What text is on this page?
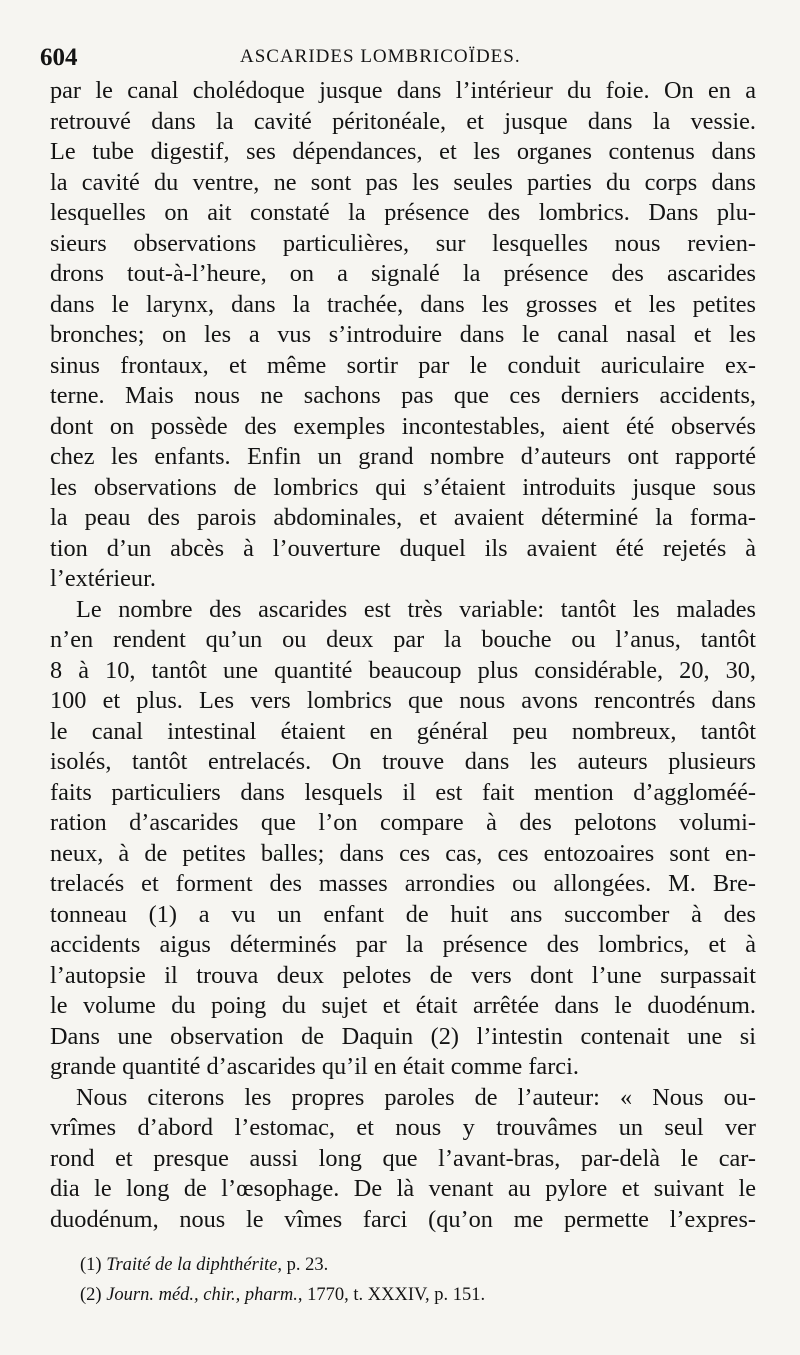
604	ASCARIDES LOMBRICOÏDES.
par le canal cholédoque jusque dans l’intérieur du foie. On en a
retrouvé dans la cavité péritonéale, et jusque dans la vessie.
Le tube digestif, ses dépendances, et les organes contenus dans
la cavité du ventre, ne sont pas les seules parties du corps dans
lesquelles on ait constaté la présence des lombrics. Dans plu-
sieurs observations particulières, sur lesquelles nous revien-
drons tout-à-l’heure, on a signalé la présence des ascarides
dans le larynx, dans la trachée, dans les grosses et les petites
bronches; on les a vus s’introduire dans le canal nasal et les
sinus frontaux, et même sortir par le conduit auriculaire ex-
terne. Mais nous ne sachons pas que ces derniers accidents,
dont on possède des exemples incontestables, aient été observés
chez les enfants. Enfin un grand nombre d’auteurs ont rapporté
les observations de lombrics qui s’étaient introduits jusque sous
la peau des parois abdominales, et avaient déterminé la forma-
tion d’un abcès à l’ouverture duquel ils avaient été rejetés à
l’extérieur.
Le nombre des ascarides est très variable: tantôt les malades
n’en rendent qu’un ou deux par la bouche ou l’anus, tantôt
8 à 10, tantôt une quantité beaucoup plus considérable, 20, 30,
100 et plus. Les vers lombrics que nous avons rencontrés dans
le canal intestinal étaient en général peu nombreux, tantôt
isolés, tantôt entrelacés. On trouve dans les auteurs plusieurs
faits particuliers dans lesquels il est fait mention d’aggloméé-
ration d’ascarides que l’on compare à des pelotons volumi-
neux, à de petites balles; dans ces cas, ces entozoaires sont en-
trelacés et forment des masses arrondies ou allongées. M. Bre-
tonneau (1) a vu un enfant de huit ans succomber à des
accidents aigus déterminés par la présence des lombrics, et à
l’autopsie il trouva deux pelotes de vers dont l’une surpassait
le volume du poing du sujet et était arrêtée dans le duodénum.
Dans une observation de Daquin (2) l’intestin contenait une si
grande quantité d’ascarides qu’il en était comme farci.
Nous citerons les propres paroles de l’auteur: « Nous ou-
vrîmes d’abord l’estomac, et nous y trouvâmes un seul ver
rond et presque aussi long que l’avant-bras, par-delà le car-
dia le long de l’œsophage. De là venant au pylore et suivant le
duodénum, nous le vîmes farci (qu’on me permette l’expres-
(1) Traité de la diphthérite, p. 23.
(2) Journ. méd., chir., pharm., 1770, t. XXXIV, p. 151.
